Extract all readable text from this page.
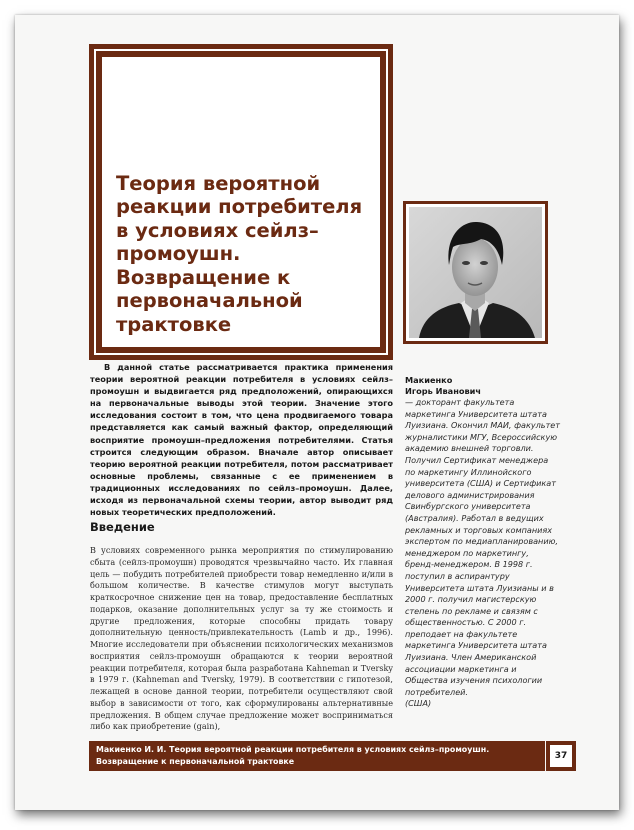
Теория вероятной реакции потребителя в условиях сейлз–промоушн. Возвращение к первоначальной трактовке

В данной статье рассматривается практика применения теории вероятной реакции потребителя в условиях сейлз–промоушн и выдвигается ряд предположений, опирающихся на первоначальные выводы этой теории. Значение этого исследования состоит в том, что цена продвигаемого товара представляется как самый важный фактор, определяющий восприятие промоушн–предложения потребителями. Статья строится следующим образом. Вначале автор описывает теорию вероятной реакции потребителя, потом рассматривает основные проблемы, связанные с ее применением в традиционных исследованиях по сейлз–промоушн. Далее, исходя из первоначальной схемы теории, автор выводит ряд новых теоретических предположений.

Введение

В условиях современного рынка мероприятия по стимулированию сбыта (сейлз-промоушн) проводятся чрезвычайно часто. Их главная цель — побудить потребителей приобрести товар немедленно и/или в большом количестве. В качестве стимулов могут выступать краткосрочное снижение цен на товар, предоставление бесплатных подарков, оказание дополнительных услуг за ту же стоимость и другие предложения, которые способны придать товару дополнительную ценность/привлекательность (Lamb и др., 1996). Многие исследователи при объяснении психологических механизмов восприятия сейлз-промоушн обращаются к теории вероятной реакции потребителя, которая была разработана Kahneman и Tversky в 1979 г. (Kahneman and Tversky, 1979). В соответствии с гипотезой, лежащей в основе данной теории, потребители осуществляют свой выбор в зависимости от того, как сформулированы альтернативные предложения. В общем случае предложение может восприниматься либо как приобретение (gain),

Макиенко
Игорь Иванович
— докторант факультета маркетинга Университета штата Луизиана. Окончил МАИ, факультет журналистики МГУ, Всероссийскую академию внешней торговли. Получил Сертификат менеджера по маркетингу Иллинойского университета (США) и Сертификат делового администрирования Свинбургского университета (Австралия). Работал в ведущих рекламных и торговых компаниях экспертом по медиапланированию, менеджером по маркетингу, бренд-менеджером. В 1998 г. поступил в аспирантуру Университета штата Луизианы и в 2000 г. получил магистерскую степень по рекламе и связям с общественностью. С 2000 г. преподает на факультете маркетинга Университета штата Луизиана. Член Американской ассоциации маркетинга и Общества изучения психологии потребителей.
(США)
Макиенко И. И. Теория вероятной реакции потребителя в условиях сейлз–промоушн.
Возвращение к первоначальной трактовке	37
